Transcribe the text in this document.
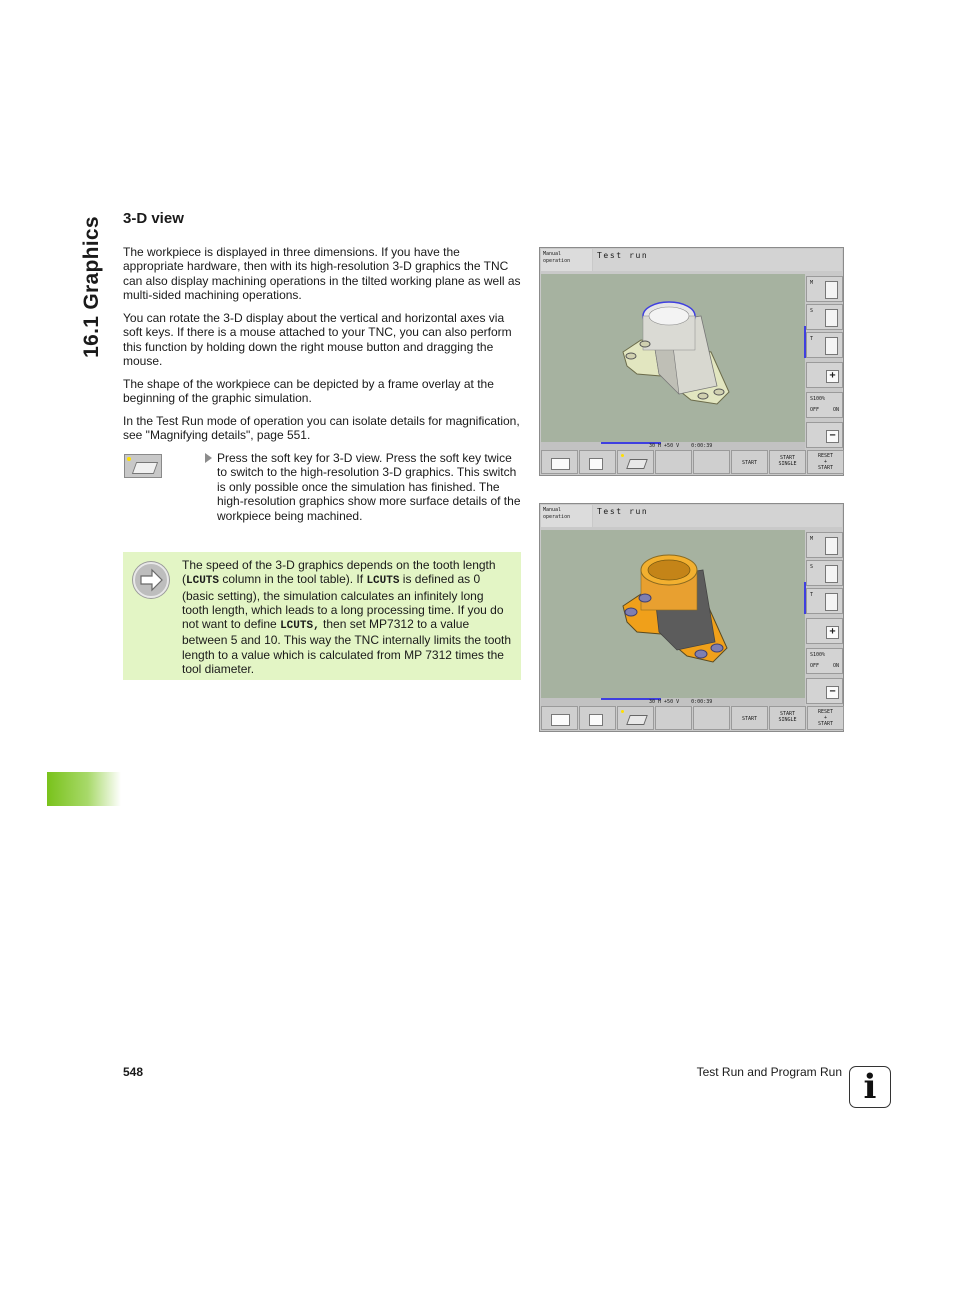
16.1 Graphics 3-D view

The workpiece is displayed in three dimensions. If you have the appropriate hardware, then with its high-resolution 3-D graphics the TNC can also display machining operations in the tilted working plane as well as multi-sided machining operations.

You can rotate the 3-D display about the vertical and horizontal axes via soft keys. If there is a mouse attached to your TNC, you can also perform this function by holding down the right mouse button and dragging the mouse.

The shape of the workpiece can be depicted by a frame overlay at the beginning of the graphic simulation.

In the Test Run mode of operation you can isolate details for magnification, see "Magnifying details", page 551.

Press the soft key for 3-D view. Press the soft key twice to switch to the high-resolution 3-D graphics. This switch is only possible once the simulation has finished. The high-resolution graphics show more surface details of the workpiece being machined.
The speed of the 3-D graphics depends on the tooth length (LCUTS column in the tool table). If LCUTS is defined as 0 (basic setting), the simulation calculates an infinitely long tooth length, which leads to a long processing time. If you do not want to define LCUTS, then set MP7312 to a value between 5 and 10. This way the TNC internally limits the tooth length to a value which is calculated from MP 7312 times the tool diameter.
Manual
operation
Test run
30 H +50 V 0:00:39
M
S
T
+
S100%
OFF	ON
−
START
START
SINGLE
RESET
+
START
Manual
operation
Test run
30 H +50 V 0:00:39
M
S
T
+
S100%
OFF	ON
−
START
START
SINGLE
RESET
+
START
548	Test Run and Program Run i
